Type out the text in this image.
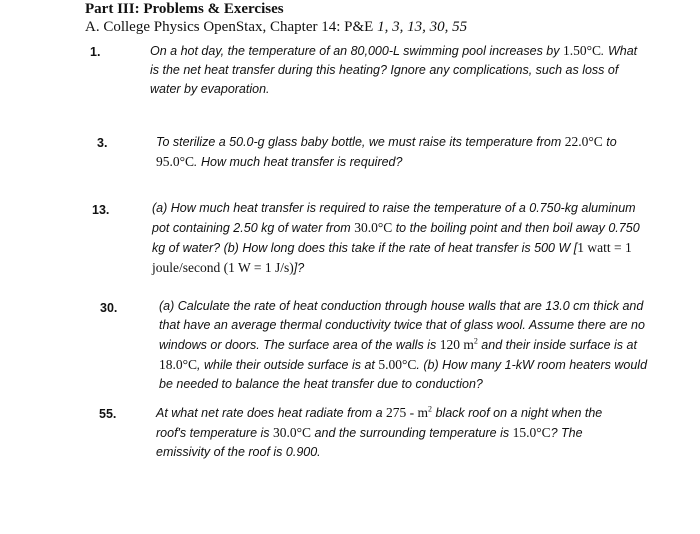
Part III: Problems & Exercises
A. College Physics OpenStax, Chapter 14: P&E 1, 3, 13, 30, 55
1.	On a hot day, the temperature of an 80,000-L swimming pool increases by 1.50°C. What is the net heat transfer during this heating? Ignore any complications, such as loss of water by evaporation.
3.	To sterilize a 50.0-g glass baby bottle, we must raise its temperature from 22.0°C to 95.0°C. How much heat transfer is required?
13.	(a) How much heat transfer is required to raise the temperature of a 0.750-kg aluminum pot containing 2.50 kg of water from 30.0°C to the boiling point and then boil away 0.750 kg of water? (b) How long does this take if the rate of heat transfer is 500 W [1 watt = 1 joule/second (1 W = 1 J/s)]?
30.	(a) Calculate the rate of heat conduction through house walls that are 13.0 cm thick and that have an average thermal conductivity twice that of glass wool. Assume there are no windows or doors. The surface area of the walls is 120 $m^2$ and their inside surface is at 18.0°C, while their outside surface is at 5.00°C. (b) How many 1-kW room heaters would be needed to balance the heat transfer due to conduction?
55.	At what net rate does heat radiate from a $275 - m^2$ black roof on a night when the roof's temperature is 30.0°C and the surrounding temperature is 15.0°C? The emissivity of the roof is 0.900.
